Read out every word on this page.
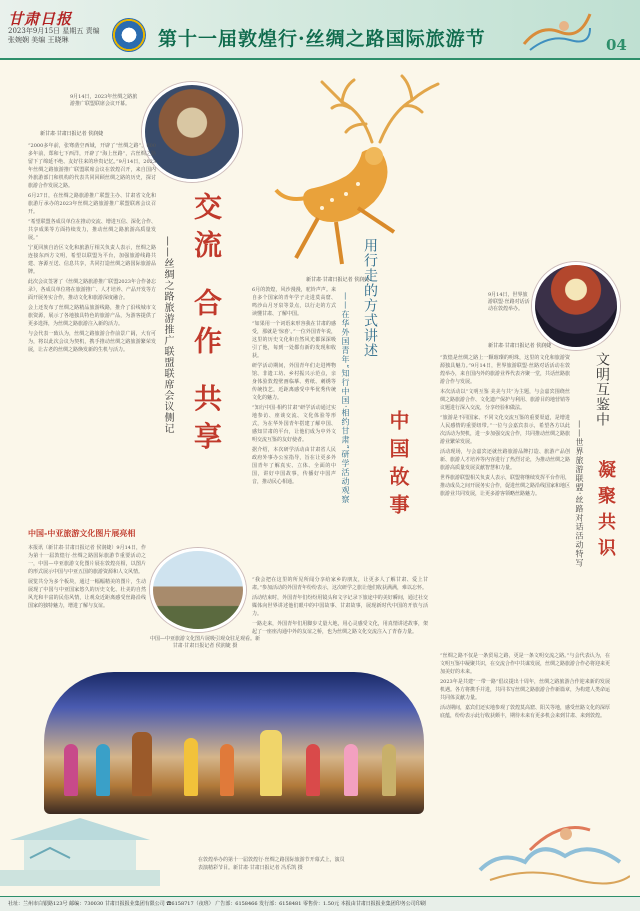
甘肃日报
2023年9月15日 星期五 责编 张婉娴 美编 王晓琳	第十一届敦煌行·丝绸之路国际旅游节	04
9月14日，2023年丝绸之路旅游推广联盟联席会议开幕。
新甘肃·甘肃日报记者 侯润婕

“2000多年前，张骞凿空西域，开辟了“丝绸之路”，600多年前，郑和七下西洋，开辟了“海上丝路”，古丝绸之路留下了绵延不绝、友好往来的珍贵记忆。”9月14日，2023年丝绸之路旅游推广联盟联席会议在敦煌召开，来自国内外旅游部门和机构的代表共同回顾丝绸之路的历史，探讨旅游合作发展之路。

6月27日，在丝绸之路旅游推广联盟主办、甘肃省文化和旅游厅承办的2023年丝绸之路旅游推广联盟联席会议召开。

“希望联盟各成员单位在推动交流、增进互信、深化合作、共享成果等方面持续发力，推动丝绸之路旅游高质量发展。”

宁夏回族自治区文化和旅游厅相关负责人表示，丝绸之路连接东西方文明，希望以联盟为平台，加强旅游线路共建、客源互送、信息共享，共同打造丝绸之路国际旅游品牌。

此次会议签署了《丝绸之路旅游推广联盟2023年合作备忘录》，各成员单位将在旅游推广、人才培养、产品开发等方面开展务实合作，推动文化和旅游深度融合。

会上还发布了丝绸之路精品旅游线路，推介了沿线城市文旅资源，展示了各地独具特色的旅游产品，为游客提供了更多选择，为丝绸之路旅游注入新的活力。

与会代表一致认为，丝绸之路旅游合作前景广阔，大有可为，将以此次会议为契机，携手推动丝绸之路旅游繁荣发展，让古老的丝绸之路焕发新的生机与活力。	交流 合作 共享
——丝绸之路旅游推广联盟联席会议侧记
中国-中亚旅游文化图片展亮相

本报讯（新甘肃·甘肃日报记者 侯润婕）9月14日，作为第十一届敦煌行·丝绸之路国际旅游节重要活动之一，中国—中亚旅游文化图片展在敦煌亮相，以图片的形式展示中国与中亚五国的旅游资源和人文风情。

展览共分为多个板块，通过一幅幅精美的图片，生动展现了中国与中亚国家悠久的历史文化、壮美的自然风光和丰富的民俗风情，让观众近距离感受丝路沿线国家的独特魅力，增进了解与友谊。

中国—中亚旅游文化图片展吸引观众驻足观看。新甘肃·甘肃日报记者 侯润婕 摄
新甘肃·甘肃日报记者 侯润婕
用行走的方式讲述
中国故事
——在华外国青年“知行中国·相约甘肃”研学活动观察

6月的敦煌，风沙漫漫，驼铃声声。来自多个国家的青年学子走进莫高窟、鸣沙山月牙泉等景点，以行走的方式读懂甘肃、了解中国。

“如果用一个词语来形容我在甘肃的感受，那就是‘惊喜’。”一位外国青年说，这里的历史文化和自然风光都深深吸引了他，每到一处都有新的发现和收获。

研学活动期间，外国青年们走进博物馆、非遗工坊、乡村振兴示范点，亲身体验敦煌壁画临摹、剪纸、刺绣等传统技艺，近距离感受中华优秀传统文化的魅力。

“知行中国·相约甘肃”研学活动通过实地参访、座谈交流、文化体验等形式，为在华外国青年搭建了解中国、感知甘肃的平台，让他们成为中外文明交流互鉴的友好使者。

据介绍，本次研学活动由甘肃省人民政府外事办公室指导，旨在让更多外国青年了解真实、立体、全面的中国，讲好中国故事，传播好中国声音，推动民心相通。

“我会把在这里的所见所闻分享给家乡的朋友，让更多人了解甘肃、爱上甘肃。”参加活动的外国青年纷纷表示，这次研学之旅让他们收获满满，难以忘怀。

活动结束时，外国青年们纷纷用镜头和文字记录下旅途中的美好瞬间，通过社交媒体向世界讲述他们眼中的中国故事、甘肃故事，展现新时代中国的开放与活力。

一路走来，外国青年们用脚步丈量大地，用心灵感受文化，用真情讲述故事，架起了一座座沟通中外的友谊之桥，也为丝绸之路文化交流注入了青春力量。

9月14日，世界旅游联盟·丝路对话活动在敦煌举办。
新甘肃·甘肃日报记者 侯润婕
文明互鉴中
凝聚共识
——世界旅游联盟·丝路对话活动特写

“敦煌是丝绸之路上一颗璀璨的明珠，这里的文化和旅游资源独具魅力。”9月14日，世界旅游联盟·丝路对话活动在敦煌举办，来自国内外的旅游业界代表齐聚一堂，共话丝路旅游合作与发展。

本次活动以“文明互鉴 美美与共”为主题，与会嘉宾围绕丝绸之路旅游合作、文化遗产保护与利用、旅游目的地营销等议题进行深入交流，分享经验和做法。

“旅游是不同国家、不同文化交流互鉴的重要渠道，是增进人民感情的重要纽带。”一位与会嘉宾表示，希望各方以此次活动为契机，进一步加强交流合作，共同推动丝绸之路旅游业繁荣发展。

活动现场，与会嘉宾还就丝路旅游品牌打造、旅游产品创新、旅游人才培养等内容进行了热烈讨论，为推动丝绸之路旅游高质量发展贡献智慧和力量。

世界旅游联盟相关负责人表示，联盟将继续发挥平台作用，推动成员之间开展务实合作，促进丝绸之路沿线国家和地区旅游业共同发展，让更多游客领略丝路魅力。

“丝绸之路不仅是一条贸易之路，更是一条文明交流之路。”与会代表认为，在文明互鉴中凝聚共识，在交流合作中共谋发展，丝绸之路旅游合作必将迎来更加美好的未来。

2023年是共建“一带一路”倡议提出十周年，丝绸之路旅游合作迎来新的发展机遇。各方将携手并进，共同书写丝绸之路旅游合作新篇章，为构建人类命运共同体贡献力量。

活动期间，嘉宾们还实地参观了敦煌莫高窟、阳关等地，感受丝路文化的深厚底蕴，纷纷表示此行收获颇丰，期待未来有更多机会来到甘肃、来到敦煌。

在敦煌举办的第十一届敦煌行·丝绸之路国际旅游节开幕式上，演员表演精彩节目。新甘肃·甘肃日报记者 冯乐凯 摄
社址：兰州市白银路123号 邮编：730030 甘肃日报报业集团有限公司 ☎6158717（夜班） 广告部：6158466 发行部：6158481 零售价：1.50元 本报由甘肃日报报业集团印务公司印刷
